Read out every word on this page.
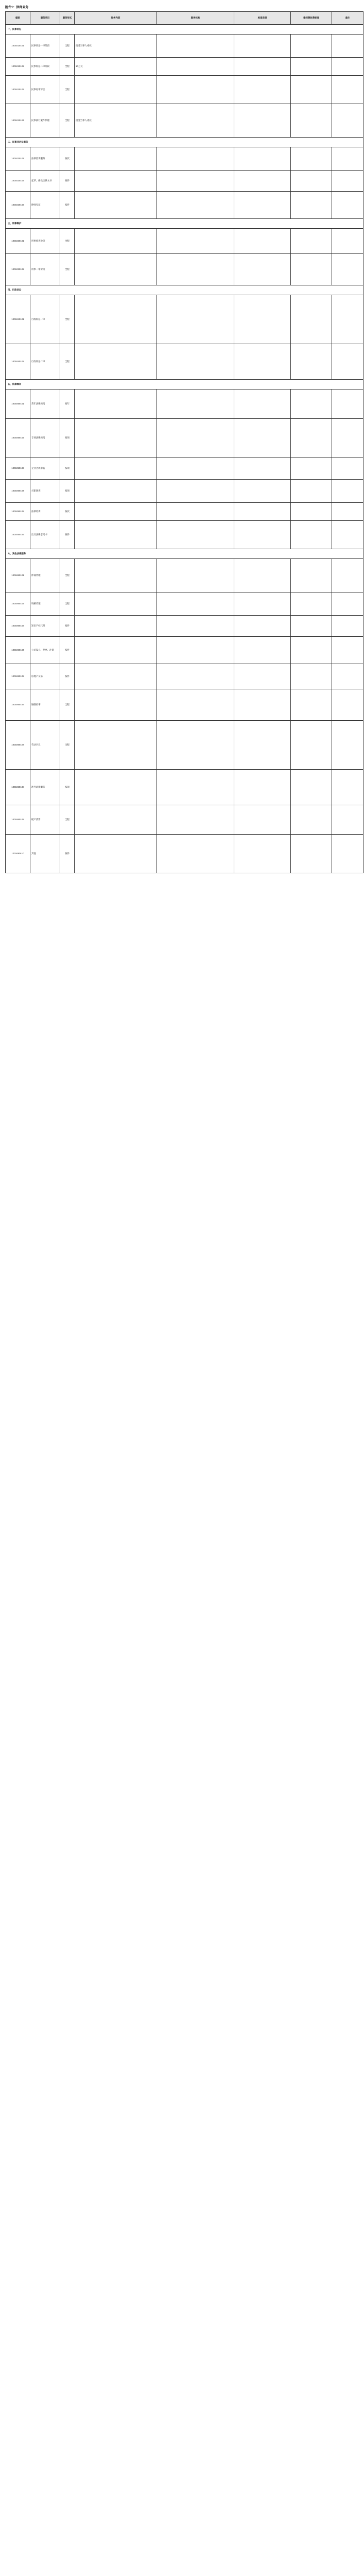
附件1：律师业务
编码	服务项目	服务形式	服务内容	服务标准	标准说明	律师费收费标准	备注
一、民事诉讼							
1001010101	民事诉讼一审阶段	全程	接受当事人委托				
1001010102	民事诉讼二审阶段	全程	10万元				
1001010103	民事再审诉讼	全程					
1001010104	民事执行案件代理	全程	接受当事人委托				
二、民事非诉讼事务							
1001020101	法律咨询服务	按次					
1001020102	起草、修改法律文书	按件					
1001020103	律师见证	按件					
三、刑事辩护							
1001030101	刑事侦查阶段	全程					
1001030102	刑事一审阶段	全程					
四、行政诉讼							
1001040101	行政诉讼一审	全程					
1001040102	行政诉讼二审	全程					
五、法律顾问							
1001050101	常年法律顾问	按年					
1001050102	专项法律顾问	按项					
1001050103	企业合规审查	按项					
1001050104	尽职调查	按项					
1001050105	法律培训	按次					
1001050106	出具法律意见书	按件					
六、其他法律服务							
1001060101	仲裁代理	全程					
1001060102	调解代理	全程					
1001060103	知识产权代理	按件					
1001060104	公司设立、变更、注销	按件					
1001060105	房地产交易	按件					
1001060106	婚姻家事	全程					
1001060107	劳动争议	全程					
1001060108	涉外法律服务	按项					
1001060109	破产清算	全程					
1001060110	其他	按件					
